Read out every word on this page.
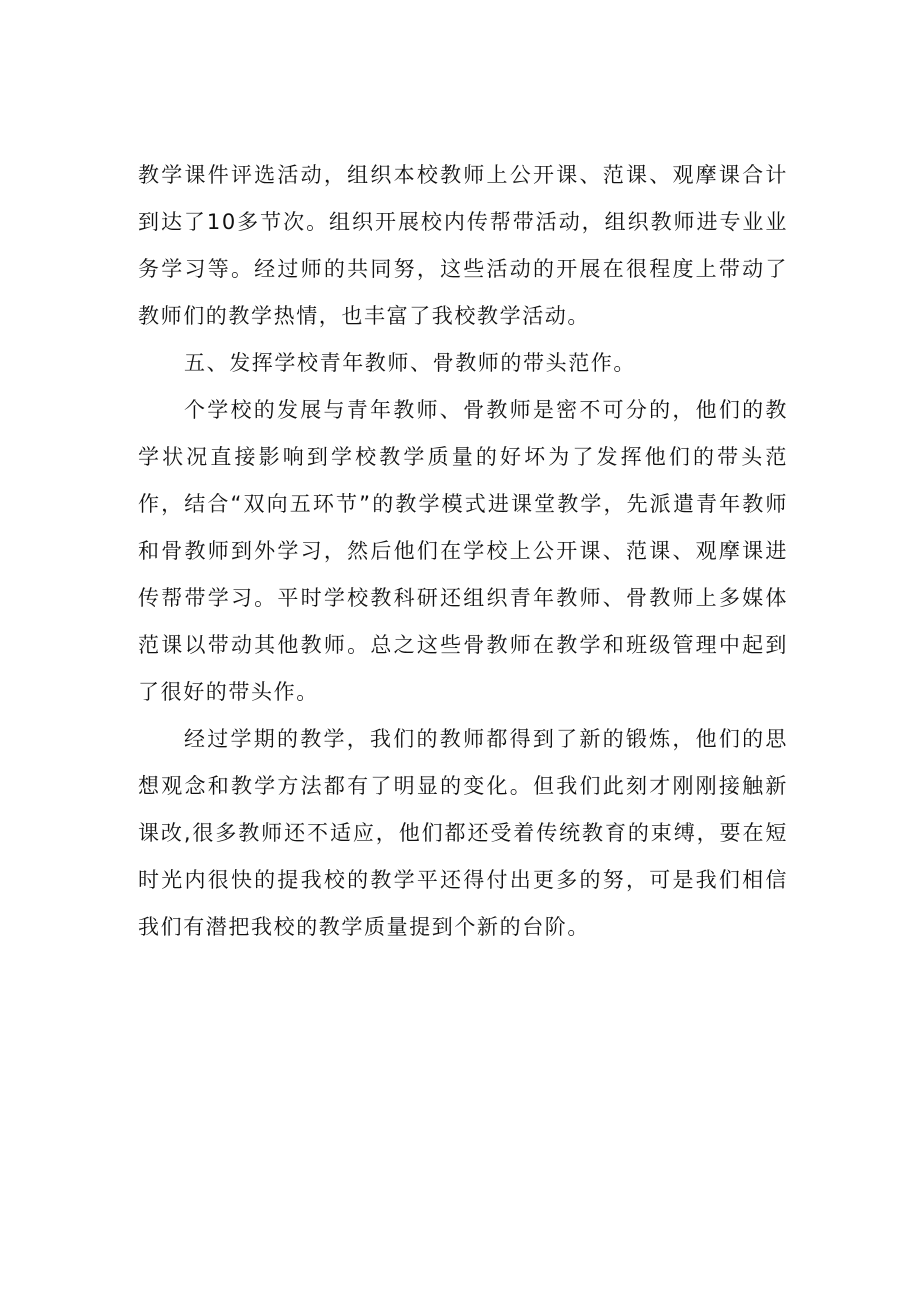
教学课件评选活动，组织本校教师上公开课、范课、观摩课合计到达了10多节次。组织开展校内传帮带活动，组织教师进专业业务学习等。经过师的共同努，这些活动的开展在很程度上带动了教师们的教学热情，也丰富了我校教学活动。

五、发挥学校青年教师、骨教师的带头范作。

个学校的发展与青年教师、骨教师是密不可分的，他们的教学状况直接影响到学校教学质量的好坏为了发挥他们的带头范作，结合“双向五环节”的教学模式进课堂教学，先派遣青年教师和骨教师到外学习，然后他们在学校上公开课、范课、观摩课进传帮带学习。平时学校教科研还组织青年教师、骨教师上多媒体范课以带动其他教师。总之这些骨教师在教学和班级管理中起到了很好的带头作。

经过学期的教学，我们的教师都得到了新的锻炼，他们的思想观念和教学方法都有了明显的变化。但我们此刻才刚刚接触新课改,很多教师还不适应，他们都还受着传统教育的束缚，要在短时光内很快的提我校的教学平还得付出更多的努，可是我们相信我们有潜把我校的教学质量提到个新的台阶。
